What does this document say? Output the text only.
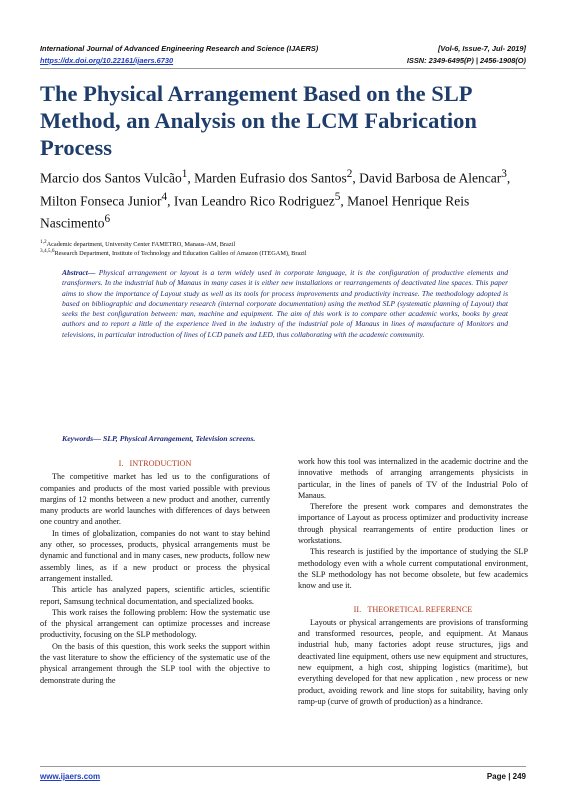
International Journal of Advanced Engineering Research and Science (IJAERS)	[Vol-6, Issue-7, Jul- 2019]
https://dx.doi.org/10.22161/ijaers.6730	ISSN: 2349-6495(P) | 2456-1908(O)
The Physical Arrangement Based on the SLP Method, an Analysis on the LCM Fabrication Process

Marcio dos Santos Vulcão$^1$, Marden Eufrasio dos Santos$^2$, David Barbosa de Alencar$^3$, Milton Fonseca Junior$^4$, Ivan Leandro Rico Rodriguez$^5$, Manoel Henrique Reis Nascimento$^6$

$^{1,2}$Academic department, University Center FAMETRO, Manaus-AM, Brazil
$^{3,4,5,6}$Research Department, Institute of Technology and Education Galileo of Amazon (ITEGAM), Brazil

Abstract— Physical arrangement or layout is a term widely used in corporate language, it is the configuration of productive elements and transformers. In the industrial hub of Manaus in many cases it is either new installations or rearrangements of deactivated line spaces. This paper aims to show the importance of Layout study as well as its tools for process improvements and productivity increase. The methodology adopted is based on bibliographic and documentary research (internal corporate documentation) using the method SLP (systematic planning of Layout) that seeks the best configuration between: man, machine and equipment. The aim of this work is to compare other academic works, books by great authors and to report a little of the experience lived in the industry of the industrial pole of Manaus in lines of manufacture of Monitors and televisions, in particular introduction of lines of LCD panels and LED, thus collaborating with the academic community.

Keywords— SLP, Physical Arrangement, Television screens.
I. INTRODUCTION

The competitive market has led us to the configurations of companies and products of the most varied possible with previous margins of 12 months between a new product and another, currently many products are world launches with differences of days between one country and another.

In times of globalization, companies do not want to stay behind any other, so processes, products, physical arrangements must be dynamic and functional and in many cases, new products, follow new assembly lines, as if a new product or process the physical arrangement installed.

This article has analyzed papers, scientific articles, scientific report, Samsung technical documentation, and specialized books.

This work raises the following problem: How the systematic use of the physical arrangement can optimize processes and increase productivity, focusing on the SLP methodology.

On the basis of this question, this work seeks the support within the vast literature to show the efficiency of the systematic use of the physical arrangement through the SLP tool with the objective to demonstrate during the

work how this tool was internalized in the academic doctrine and the innovative methods of arranging arrangements physicists in particular, in the lines of panels of TV of the Industrial Polo of Manaus.

Therefore the present work compares and demonstrates the importance of Layout as process optimizer and productivity increase through physical rearrangements of entire production lines or workstations.

This research is justified by the importance of studying the SLP methodology even with a whole current computational environment, the SLP methodology has not become obsolete, but few academics know and use it.

II. THEORETICAL REFERENCE

Layouts or physical arrangements are provisions of transforming and transformed resources, people, and equipment. At Manaus industrial hub, many factories adopt reuse structures, jigs and deactivated line equipment, others use new equipment and structures, new equipment, a high cost, shipping logistics (maritime), but everything developed for that new application , new process or new product, avoiding rework and line stops for suitability, having only ramp-up (curve of growth of production) as a hindrance.

www.ijaers.com	Page | 249
